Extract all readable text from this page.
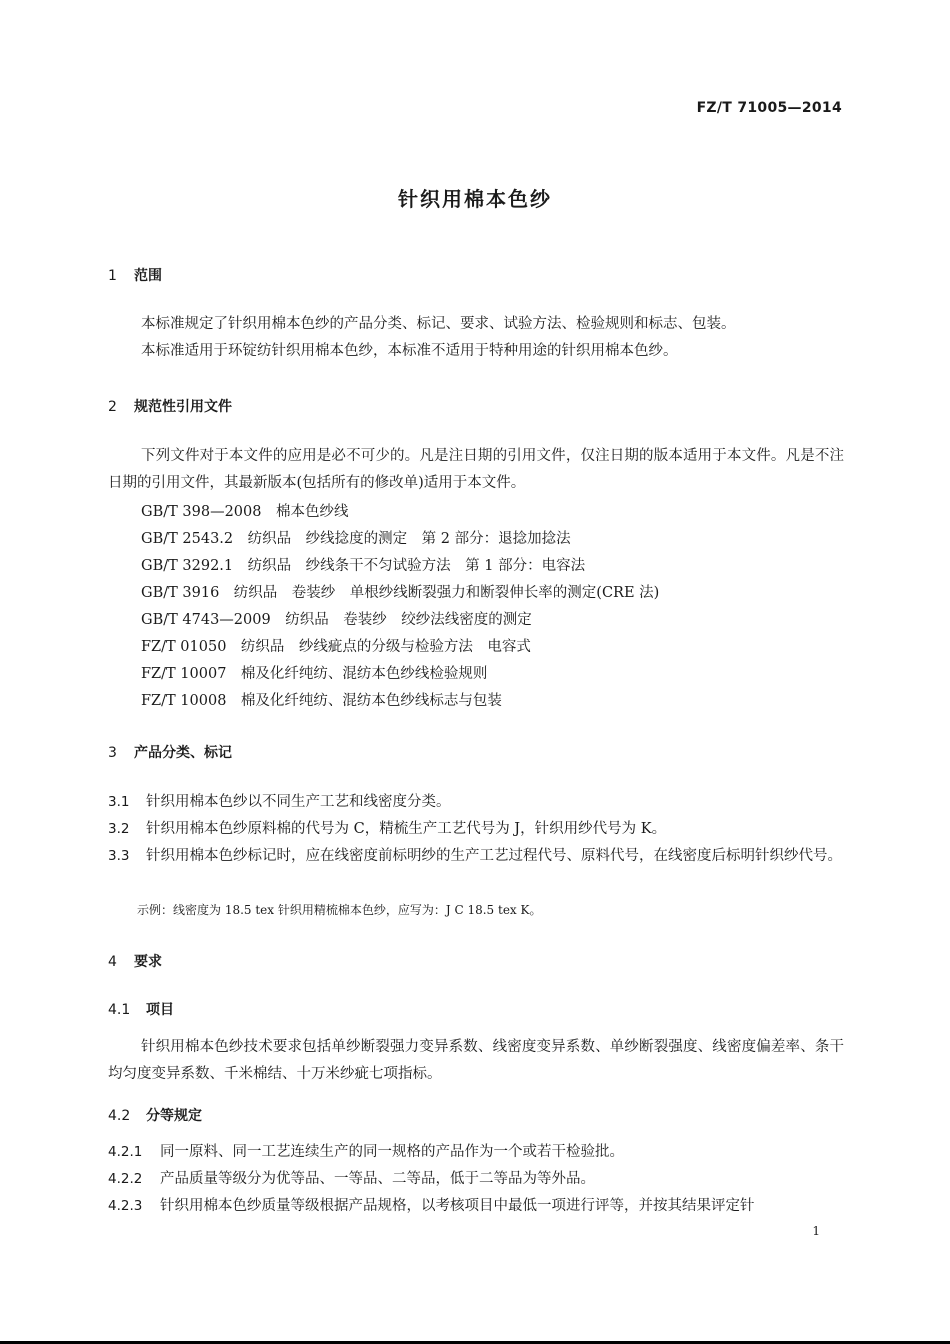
FZ/T 71005—2014
针织用棉本色纱
1 范围
本标准规定了针织用棉本色纱的产品分类、标记、要求、试验方法、检验规则和标志、包装。
本标准适用于环锭纺针织用棉本色纱，本标准不适用于特种用途的针织用棉本色纱。
2 规范性引用文件
下列文件对于本文件的应用是必不可少的。凡是注日期的引用文件，仅注日期的版本适用于本文件。凡是不注日期的引用文件，其最新版本(包括所有的修改单)适用于本文件。
GB/T 398—2008　棉本色纱线
GB/T 2543.2　纺织品　纱线捻度的测定　第 2 部分：退捻加捻法
GB/T 3292.1　纺织品　纱线条干不匀试验方法　第 1 部分：电容法
GB/T 3916　纺织品　卷装纱　单根纱线断裂强力和断裂伸长率的测定(CRE 法)
GB/T 4743—2009　纺织品　卷装纱　绞纱法线密度的测定
FZ/T 01050　纺织品　纱线疵点的分级与检验方法　电容式
FZ/T 10007　棉及化纤纯纺、混纺本色纱线检验规则
FZ/T 10008　棉及化纤纯纺、混纺本色纱线标志与包装
3 产品分类、标记
3.1 针织用棉本色纱以不同生产工艺和线密度分类。
3.2 针织用棉本色纱原料棉的代号为 C，精梳生产工艺代号为 J，针织用纱代号为 K。
3.3 针织用棉本色纱标记时，应在线密度前标明纱的生产工艺过程代号、原料代号，在线密度后标明针织纱代号。
示例：线密度为 18.5 tex 针织用精梳棉本色纱，应写为：J C 18.5 tex K。
4 要求
4.1 项目
针织用棉本色纱技术要求包括单纱断裂强力变异系数、线密度变异系数、单纱断裂强度、线密度偏差率、条干均匀度变异系数、千米棉结、十万米纱疵七项指标。
4.2 分等规定
4.2.1 同一原料、同一工艺连续生产的同一规格的产品作为一个或若干检验批。
4.2.2 产品质量等级分为优等品、一等品、二等品，低于二等品为等外品。
4.2.3 针织用棉本色纱质量等级根据产品规格，以考核项目中最低一项进行评等，并按其结果评定针
1
